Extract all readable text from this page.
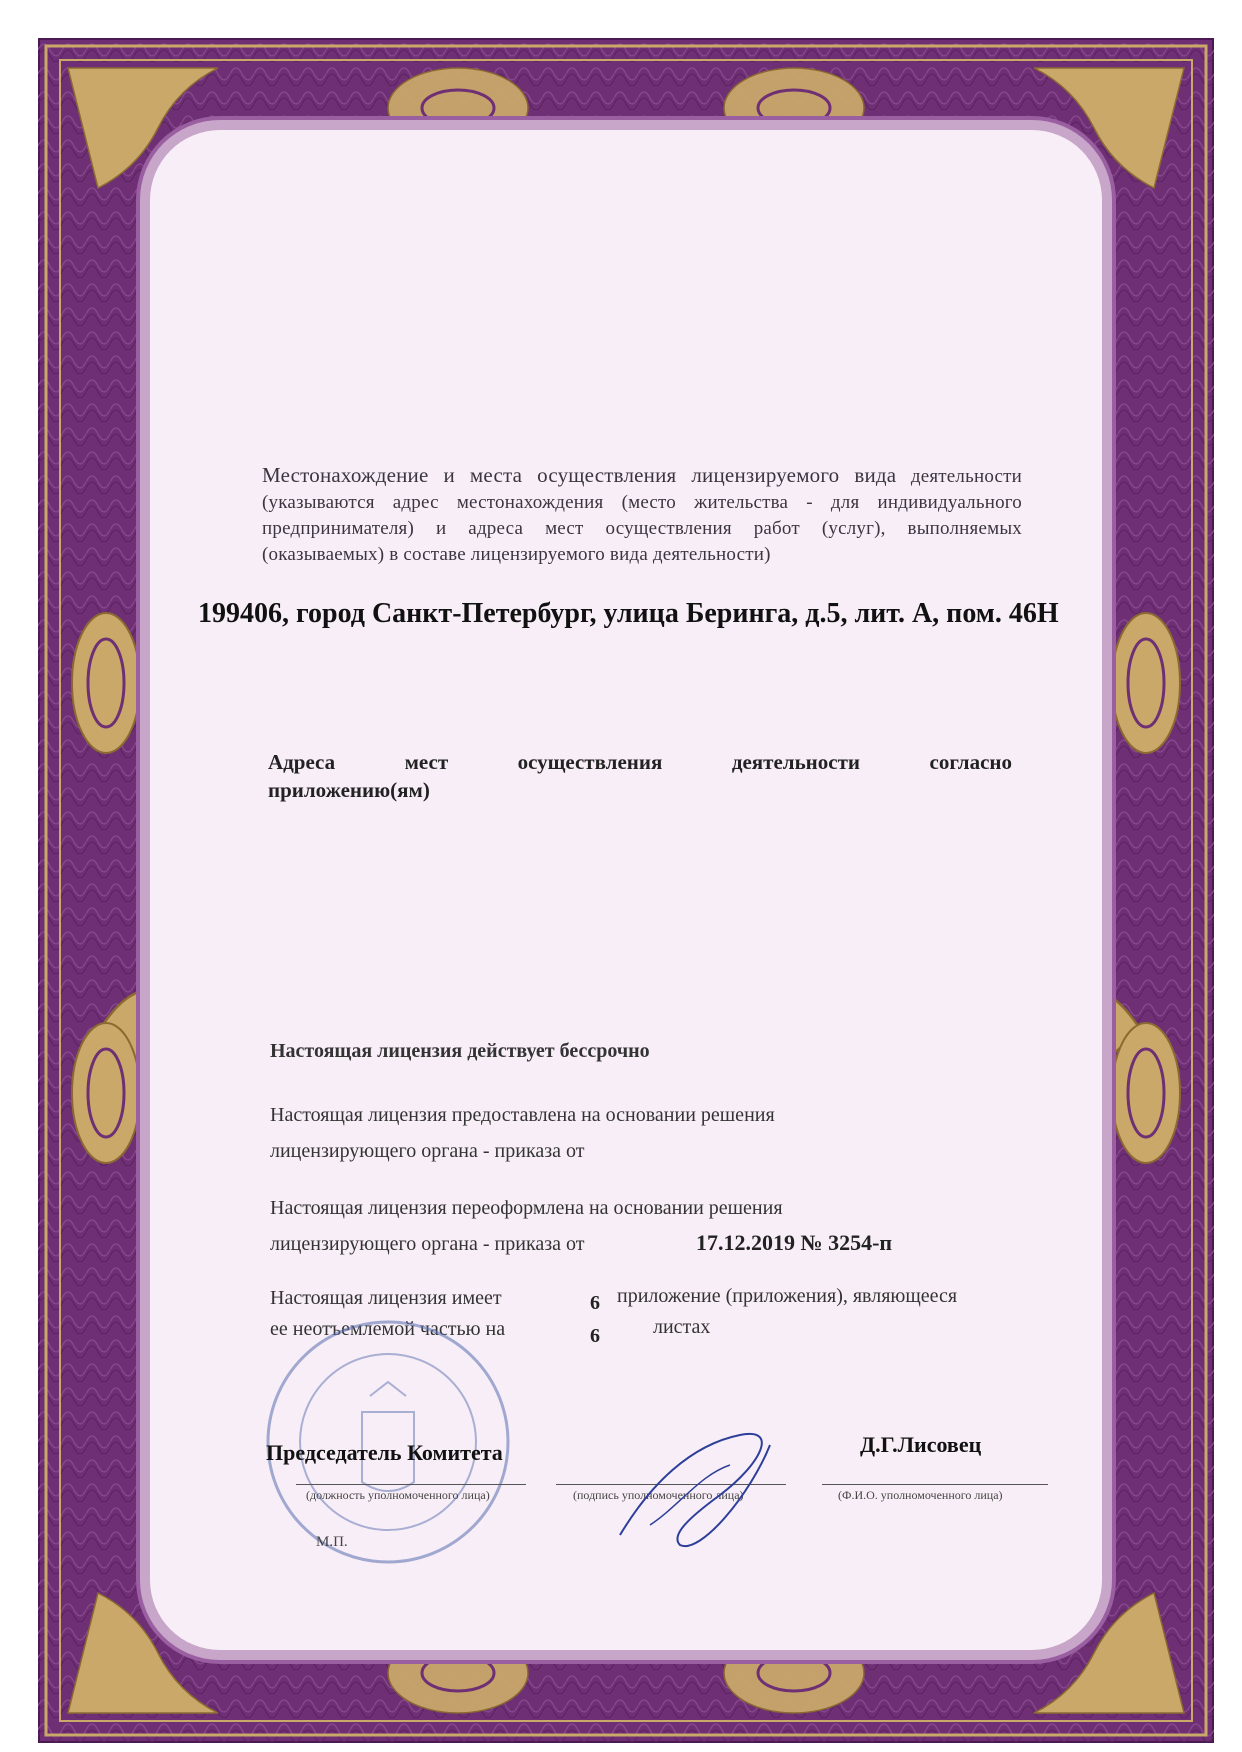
Местонахождение и места осуществления лицензируемого вида деятельности (указываются адрес местонахождения (место жительства - для индивидуального предпринимателя) и адреса мест осуществления работ (услуг), выполняемых (оказываемых) в составе лицензируемого вида деятельности)
199406, город Санкт-Петербург, улица Беринга, д.5, лит. А, пом. 46Н
Адреса мест осуществления деятельности согласно
приложению(ям)
Настоящая лицензия действует бессрочно
Настоящая лицензия предоставлена на основании решения
лицензирующего органа - приказа от
Настоящая лицензия переоформлена на основании решения
лицензирующего органа - приказа от	17.12.2019 № 3254-п
Настоящая лицензия имеет
ее неотъемлемой частью на
6
6
приложение (приложения), являющееся
листах
Председатель Комитета	Д.Г.Лисовец
(должность уполномоченного лица)	(подпись уполномоченного лица)	(Ф.И.О. уполномоченного лица)
М.П.
